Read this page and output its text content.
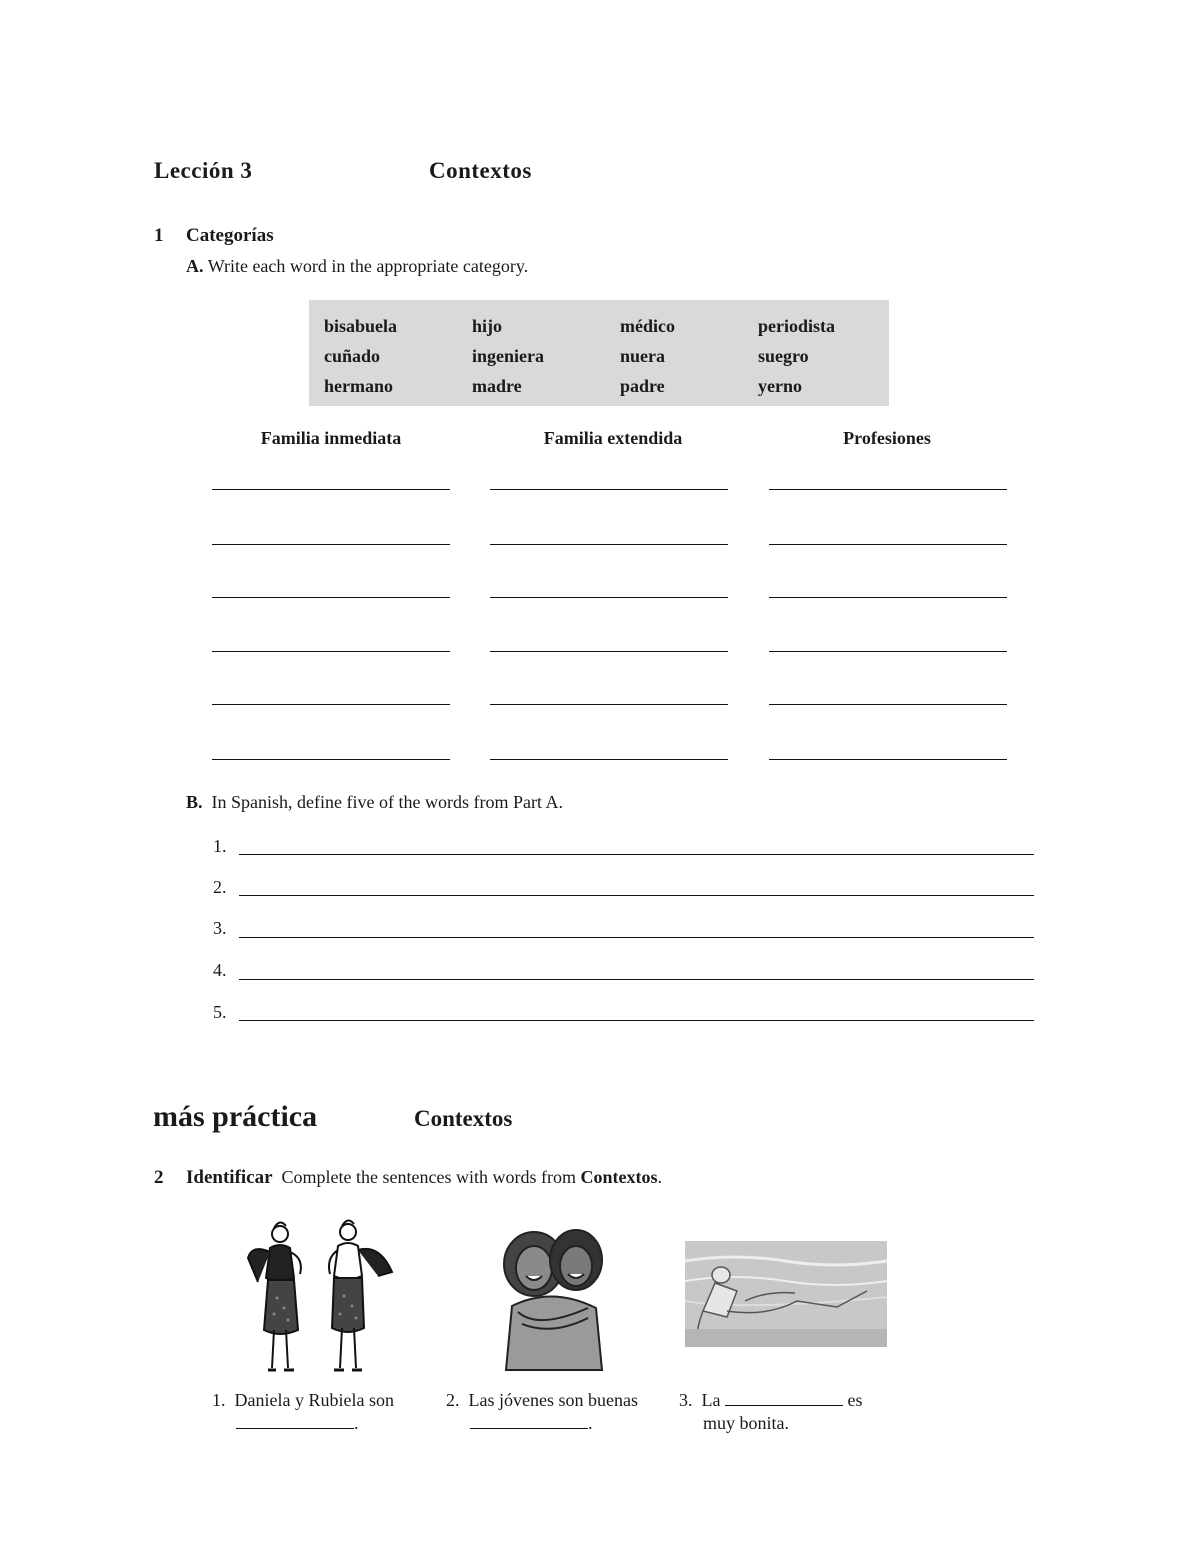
Lección 3	Contextos
1 Categorías
A. Write each word in the appropriate category.
bisabuela	hijo	médico	periodista
cuñado	ingeniera	nuera	suegro
hermano	madre	padre	yerno
Familia inmediata	Familia extendida	Profesiones
B. In Spanish, define five of the words from Part A.
1.
2.
3.
4.
5.
más práctica	Contextos
2 Identificar Complete the sentences with words from Contextos.
1. Daniela y Rubiela son
.
2. Las jóvenes son buenas
.
3. La	es
muy bonita.
